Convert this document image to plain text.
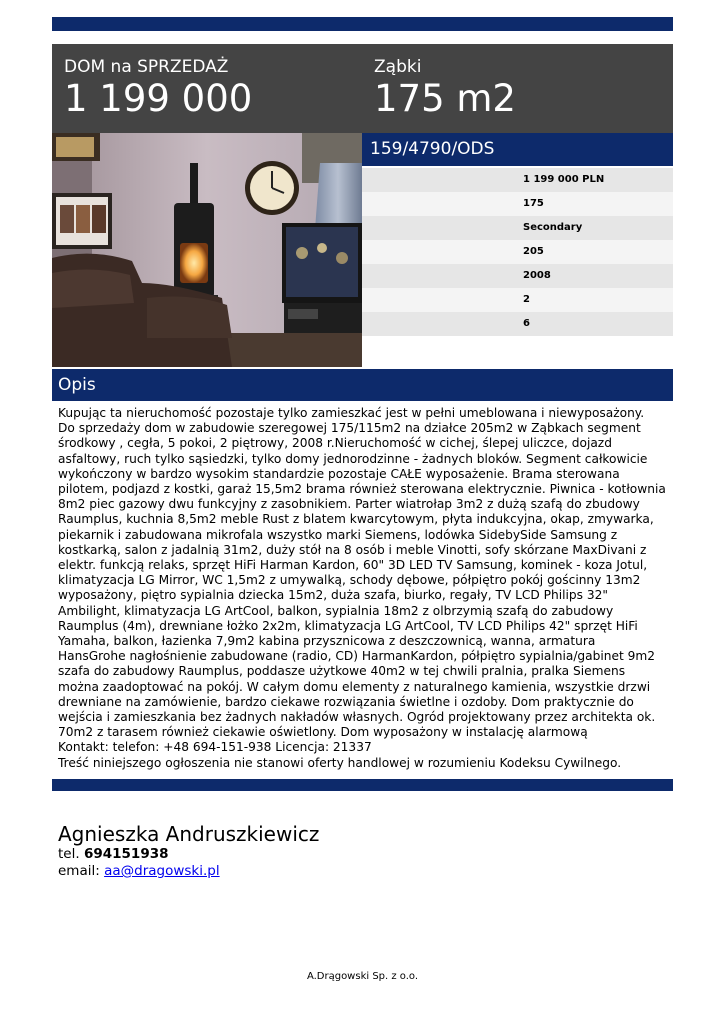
DOM na SPRZEDAŻ
1 199 000
Ząbki
175 m2
159/4790/ODS
1 199 000 PLN
175
Secondary
205
2008
2
6
Opis
Kupując ta nieruchomość pozostaje tylko zamieszkać jest w pełni umeblowana i niewyposażony.
Do sprzedaży dom w zabudowie szeregowej 175/115m2 na działce 205m2 w Ząbkach segment
środkowy , cegła, 5 pokoi, 2 piętrowy, 2008 r.Nieruchomość w cichej, ślepej uliczce, dojazd
asfaltowy, ruch tylko sąsiedzki, tylko domy jednorodzinne - żadnych bloków. Segment całkowicie
wykończony w bardzo wysokim standardzie pozostaje CAŁE wyposażenie. Brama sterowana
pilotem, podjazd z kostki, garaż 15,5m2 brama również sterowana elektrycznie. Piwnica - kotłownia
8m2 piec gazowy dwu funkcyjny z zasobnikiem. Parter wiatrołap 3m2 z dużą szafą do zbudowy
Raumplus, kuchnia 8,5m2 meble Rust z blatem kwarcytowym, płyta indukcyjna, okap, zmywarka,
piekarnik i zabudowana mikrofala wszystko marki Siemens, lodówka SidebySide Samsung z
kostkarką, salon z jadalnią 31m2, duży stół na 8 osób i meble Vinotti, sofy skórzane MaxDivani z
elektr. funkcją relaks, sprzęt HiFi Harman Kardon, 60" 3D LED TV Samsung, kominek - koza Jotul,
klimatyzacja LG Mirror, WC 1,5m2 z umywalką, schody dębowe, półpiętro pokój gościnny 13m2
wyposażony, piętro sypialnia dziecka 15m2, duża szafa, biurko, regały, TV LCD Philips 32"
Ambilight, klimatyzacja LG ArtCool, balkon, sypialnia 18m2 z olbrzymią szafą do zabudowy
Raumplus (4m), drewniane łożko 2x2m, klimatyzacja LG ArtCool, TV LCD Philips 42" sprzęt HiFi
Yamaha, balkon, łazienka 7,9m2 kabina przysznicowa z deszczownicą, wanna, armatura
HansGrohe nagłośnienie zabudowane (radio, CD) HarmanKardon, półpiętro sypialnia/gabinet 9m2
szafa do zabudowy Raumplus, poddasze użytkowe 40m2 w tej chwili pralnia, pralka Siemens
można zaadoptować na pokój. W całym domu elementy z naturalnego kamienia, wszystkie drzwi
drewniane na zamówienie, bardzo ciekawe rozwiązania świetlne i ozdoby. Dom praktycznie do
wejścia i zamieszkania bez żadnych nakładów własnych. Ogród projektowany przez architekta ok.
70m2 z tarasem również ciekawie oświetlony. Dom wyposażony w instalację alarmową
Kontakt: telefon: +48 694-151-938 Licencja: 21337
Treść niniejszego ogłoszenia nie stanowi oferty handlowej w rozumieniu Kodeksu Cywilnego.
Agnieszka Andruszkiewicz
tel. 694151938
email: aa@dragowski.pl
A.Drągowski Sp. z o.o.
